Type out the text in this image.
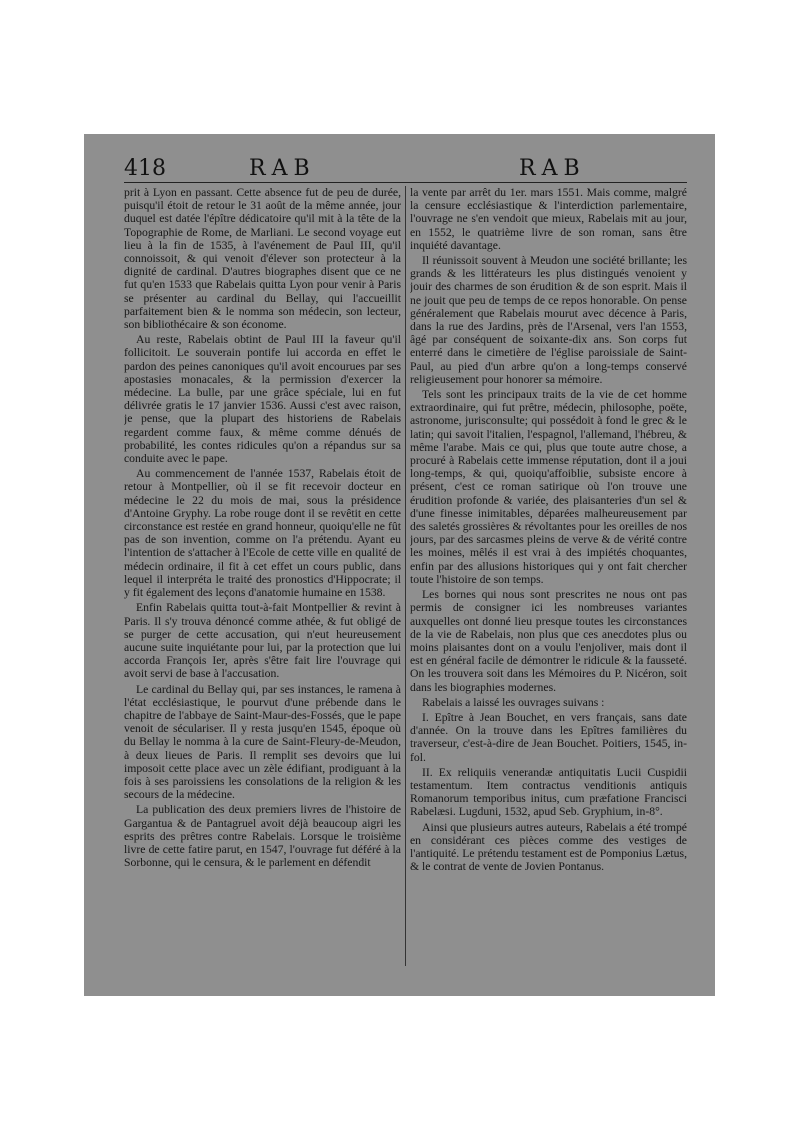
418	RAB	RAB

prit à Lyon en passant. Cette absence fut de peu de durée, puisqu'il étoit de retour le 31 août de la même année, jour duquel est datée l'épître dédicatoire qu'il mit à la tête de la Topographie de Rome, de Marliani. Le second voyage eut lieu à la fin de 1535, à l'avénement de Paul III, qu'il connoissoit, & qui venoit d'élever son protecteur à la dignité de cardinal. D'autres biographes disent que ce ne fut qu'en 1533 que Rabelais quitta Lyon pour venir à Paris se présenter au cardinal du Bellay, qui l'accueillit parfaitement bien & le nomma son médecin, son lecteur, son bibliothécaire & son économe.

Au reste, Rabelais obtint de Paul III la faveur qu'il follicitoit. Le souverain pontife lui accorda en effet le pardon des peines canoniques qu'il avoit encourues par ses apostasies monacales, & la permission d'exercer la médecine. La bulle, par une grâce spéciale, lui en fut délivrée gratis le 17 janvier 1536. Aussi c'est avec raison, je pense, que la plupart des historiens de Rabelais regardent comme faux, & même comme dénués de probabilité, les contes ridicules qu'on a répandus sur sa conduite avec le pape.

Au commencement de l'année 1537, Rabelais étoit de retour à Montpellier, où il se fit recevoir docteur en médecine le 22 du mois de mai, sous la présidence d'Antoine Gryphy. La robe rouge dont il se revêtit en cette circonstance est restée en grand honneur, quoiqu'elle ne fût pas de son invention, comme on l'a prétendu. Ayant eu l'intention de s'attacher à l'Ecole de cette ville en qualité de médecin ordinaire, il fit à cet effet un cours public, dans lequel il interpréta le traité des pronostics d'Hippocrate; il y fit également des leçons d'anatomie humaine en 1538.

Enfin Rabelais quitta tout-à-fait Montpellier & revint à Paris. Il s'y trouva dénoncé comme athée, & fut obligé de se purger de cette accusation, qui n'eut heureusement aucune suite inquiétante pour lui, par la protection que lui accorda François Ier, après s'être fait lire l'ouvrage qui avoit servi de base à l'accusation.

Le cardinal du Bellay qui, par ses instances, le ramena à l'état ecclésiastique, le pourvut d'une prébende dans le chapitre de l'abbaye de Saint-Maur-des-Fossés, que le pape venoit de séculariser. Il y resta jusqu'en 1545, époque où du Bellay le nomma à la cure de Saint-Fleury-de-Meudon, à deux lieues de Paris. Il remplit ses devoirs que lui imposoit cette place avec un zèle édifiant, prodiguant à la fois à ses paroissiens les consolations de la religion & les secours de la médecine.

La publication des deux premiers livres de l'histoire de Gargantua & de Pantagruel avoit déjà beaucoup aigri les esprits des prêtres contre Rabelais. Lorsque le troisième livre de cette fatire parut, en 1547, l'ouvrage fut déféré à la Sorbonne, qui le censura, & le parlement en défendit

la vente par arrêt du 1er. mars 1551. Mais comme, malgré la censure ecclésiastique & l'interdiction parlementaire, l'ouvrage ne s'en vendoit que mieux, Rabelais mit au jour, en 1552, le quatrième livre de son roman, sans être inquiété davantage.

Il réunissoit souvent à Meudon une société brillante; les grands & les littérateurs les plus distingués venoient y jouir des charmes de son érudition & de son esprit. Mais il ne jouit que peu de temps de ce repos honorable. On pense généralement que Rabelais mourut avec décence à Paris, dans la rue des Jardins, près de l'Arsenal, vers l'an 1553, âgé par conséquent de soixante-dix ans. Son corps fut enterré dans le cimetière de l'église paroissiale de Saint-Paul, au pied d'un arbre qu'on a long-temps conservé religieusement pour honorer sa mémoire.

Tels sont les principaux traits de la vie de cet homme extraordinaire, qui fut prêtre, médecin, philosophe, poëte, astronome, jurisconsulte; qui possédoit à fond le grec & le latin; qui savoit l'italien, l'espagnol, l'allemand, l'hébreu, & même l'arabe. Mais ce qui, plus que toute autre chose, a procuré à Rabelais cette immense réputation, dont il a joui long-temps, & qui, quoiqu'affoiblie, subsiste encore à présent, c'est ce roman satirique où l'on trouve une érudition profonde & variée, des plaisanteries d'un sel & d'une finesse inimitables, déparées malheureusement par des saletés grossières & révoltantes pour les oreilles de nos jours, par des sarcasmes pleins de verve & de vérité contre les moines, mêlés il est vrai à des impiétés choquantes, enfin par des allusions historiques qui y ont fait chercher toute l'histoire de son temps.

Les bornes qui nous sont prescrites ne nous ont pas permis de consigner ici les nombreuses variantes auxquelles ont donné lieu presque toutes les circonstances de la vie de Rabelais, non plus que ces anecdotes plus ou moins plaisantes dont on a voulu l'enjoliver, mais dont il est en général facile de démontrer le ridicule & la fausseté. On les trouvera soit dans les Mémoires du P. Nicéron, soit dans les biographies modernes.

Rabelais a laissé les ouvrages suivans :

I. Epître à Jean Bouchet, en vers français, sans date d'année. On la trouve dans les Epîtres familières du traverseur, c'est-à-dire de Jean Bouchet. Poitiers, 1545, in-fol.

II. Ex reliquiis venerandæ antiquitatis Lucii Cuspidii testamentum. Item contractus venditionis antiquis Romanorum temporibus initus, cum præfatione Francisci Rabelæsi. Lugduni, 1532, apud Seb. Gryphium, in-8°.

Ainsi que plusieurs autres auteurs, Rabelais a été trompé en considérant ces pièces comme des vestiges de l'antiquité. Le prétendu testament est de Pomponius Lætus, & le contrat de vente de Jovien Pontanus.
